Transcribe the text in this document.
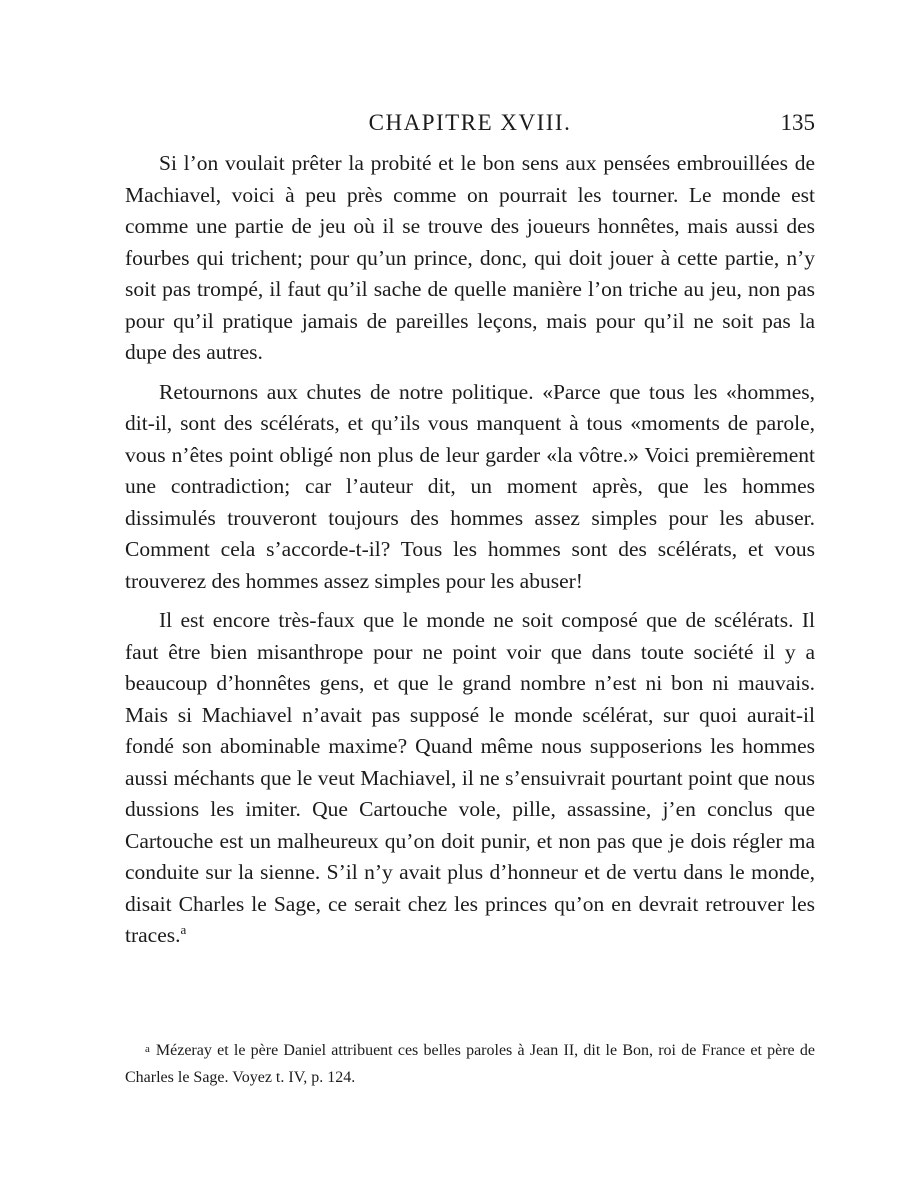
CHAPITRE XVIII.	135

Si l’on voulait prêter la probité et le bon sens aux pensées embrouillées de Machiavel, voici à peu près comme on pourrait les tourner. Le monde est comme une partie de jeu où il se trouve des joueurs honnêtes, mais aussi des fourbes qui trichent; pour qu’un prince, donc, qui doit jouer à cette partie, n’y soit pas trompé, il faut qu’il sache de quelle manière l’on triche au jeu, non pas pour qu’il pratique jamais de pareilles leçons, mais pour qu’il ne soit pas la dupe des autres.

Retournons aux chutes de notre politique. «Parce que tous les «hommes, dit-il, sont des scélérats, et qu’ils vous manquent à tous «moments de parole, vous n’êtes point obligé non plus de leur garder «la vôtre.» Voici premièrement une contradiction; car l’auteur dit, un moment après, que les hommes dissimulés trouveront toujours des hommes assez simples pour les abuser. Comment cela s’accorde-t-il? Tous les hommes sont des scélérats, et vous trouverez des hommes assez simples pour les abuser!

Il est encore très-faux que le monde ne soit composé que de scélérats. Il faut être bien misanthrope pour ne point voir que dans toute société il y a beaucoup d’honnêtes gens, et que le grand nombre n’est ni bon ni mauvais. Mais si Machiavel n’avait pas supposé le monde scélérat, sur quoi aurait-il fondé son abominable maxime? Quand même nous supposerions les hommes aussi méchants que le veut Machiavel, il ne s’ensuivrait pourtant point que nous dussions les imiter. Que Cartouche vole, pille, assassine, j’en conclus que Cartouche est un malheureux qu’on doit punir, et non pas que je dois régler ma conduite sur la sienne. S’il n’y avait plus d’honneur et de vertu dans le monde, disait Charles le Sage, ce serait chez les princes qu’on en devrait retrouver les traces.$^a$

a Mézeray et le père Daniel attribuent ces belles paroles à Jean II, dit le Bon, roi de France et père de Charles le Sage. Voyez t. IV, p. 124.
